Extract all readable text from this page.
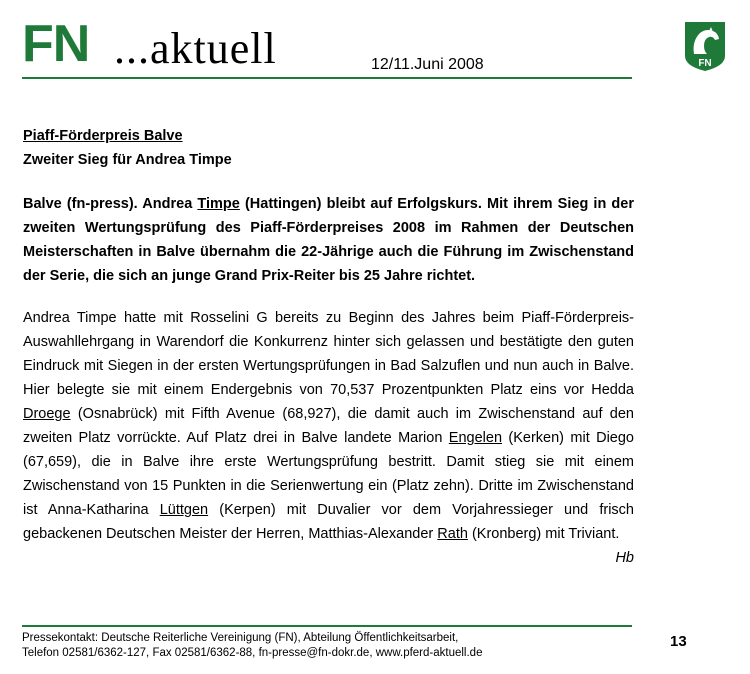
FN ...aktuell	12/11.Juni 2008	FN
Piaff-Förderpreis Balve
Zweiter Sieg für Andrea Timpe
Balve (fn-press). Andrea Timpe (Hattingen) bleibt auf Erfolgskurs. Mit ihrem Sieg in der zweiten Wertungsprüfung des Piaff-Förderpreises 2008 im Rahmen der Deutschen Meisterschaften in Balve übernahm die 22-Jährige auch die Führung im Zwischenstand der Serie, die sich an junge Grand Prix-Reiter bis 25 Jahre richtet.
Andrea Timpe hatte mit Rosselini G bereits zu Beginn des Jahres beim Piaff-Förderpreis-Auswahllehrgang in Warendorf die Konkurrenz hinter sich gelassen und bestätigte den guten Eindruck mit Siegen in der ersten Wertungsprüfungen in Bad Salzuflen und nun auch in Balve. Hier belegte sie mit einem Endergebnis von 70,537 Prozentpunkten Platz eins vor Hedda Droege (Osnabrück) mit Fifth Avenue (68,927), die damit auch im Zwischenstand auf den zweiten Platz vorrückte. Auf Platz drei in Balve landete Marion Engelen (Kerken) mit Diego (67,659), die in Balve ihre erste Wertungsprüfung bestritt. Damit stieg sie mit einem Zwischenstand von 15 Punkten in die Serienwertung ein (Platz zehn). Dritte im Zwischenstand ist Anna-Katharina Lüttgen (Kerpen) mit Duvalier vor dem Vorjahressieger und frisch gebackenen Deutschen Meister der Herren, Matthias-Alexander Rath (Kronberg) mit Triviant.
Hb
Pressekontakt: Deutsche Reiterliche Vereinigung (FN), Abteilung Öffentlichkeitsarbeit,
Telefon 02581/6362-127, Fax 02581/6362-88, fn-presse@fn-dokr.de, www.pferd-aktuell.de
13
